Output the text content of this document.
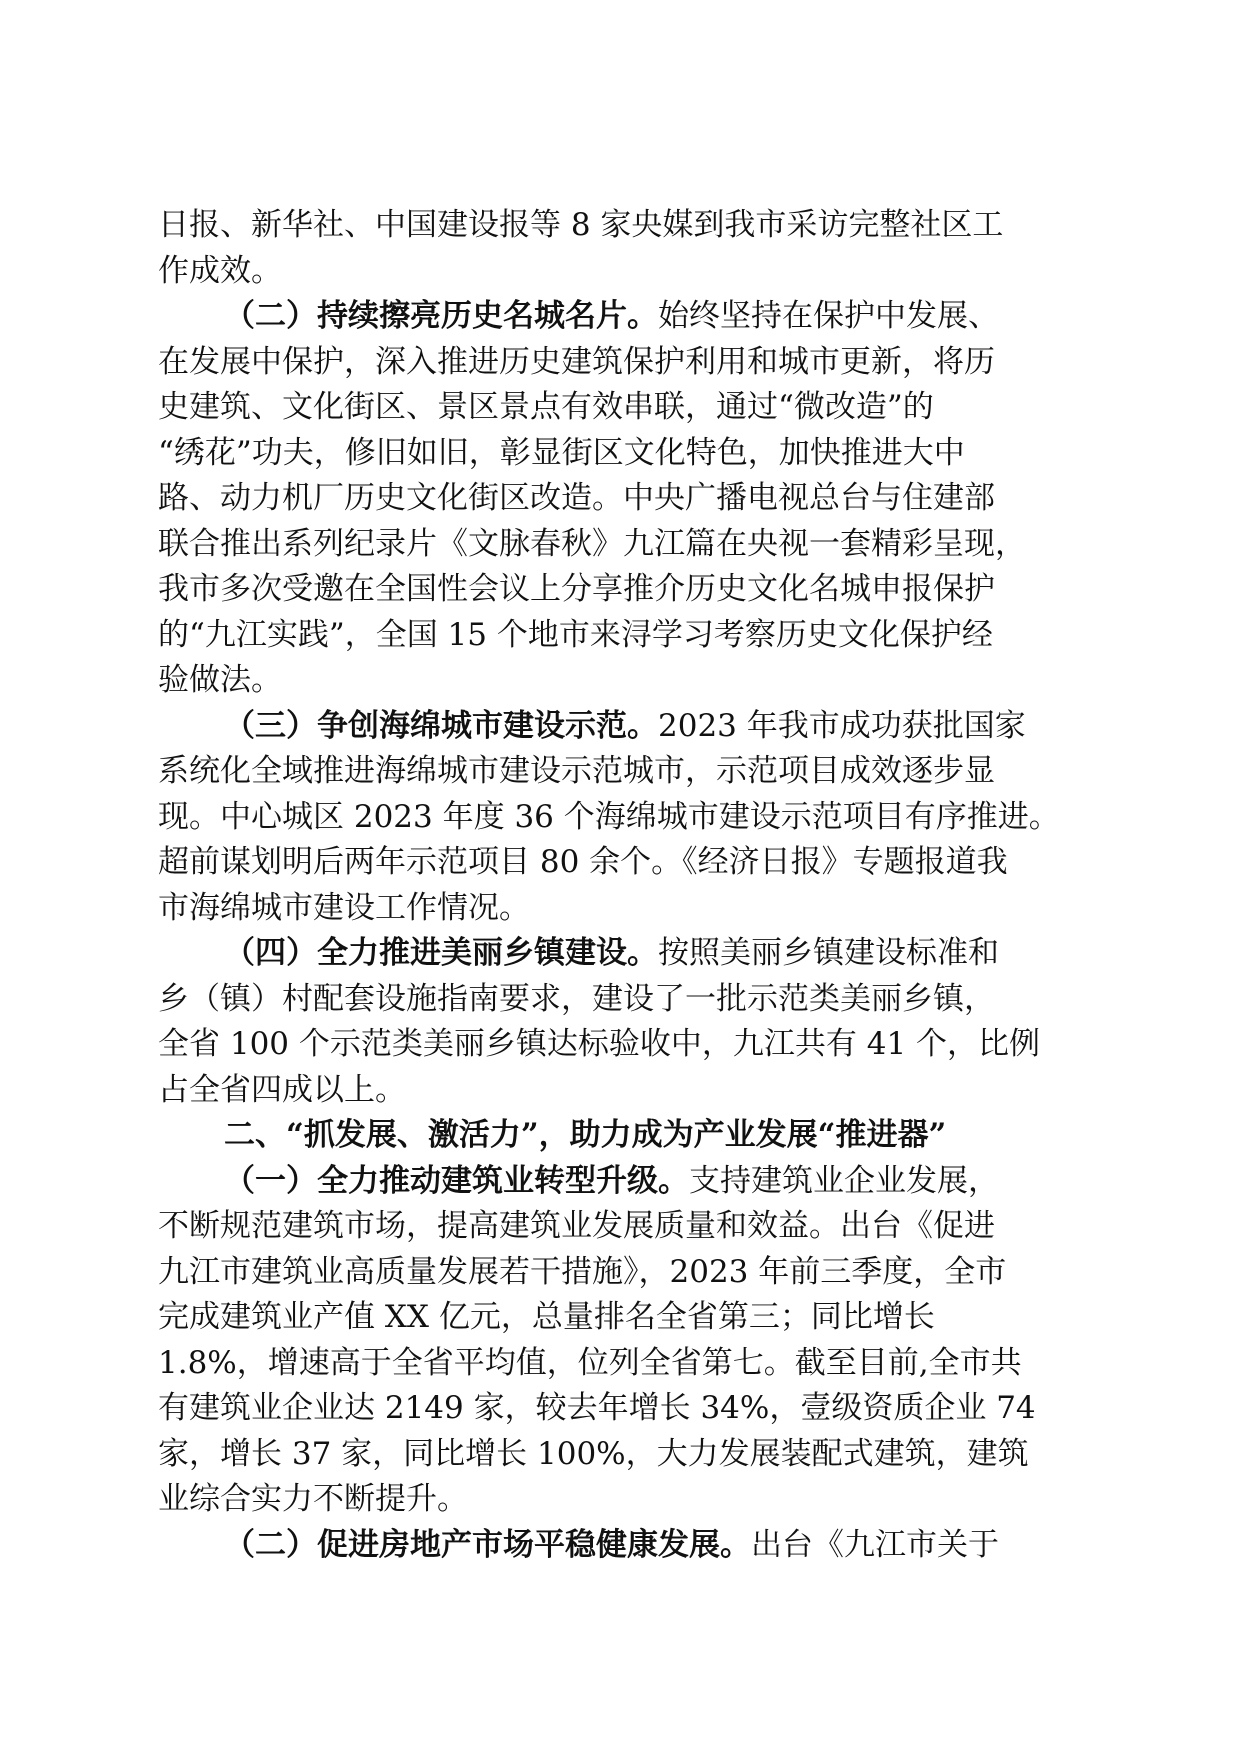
日报、新华社、中国建设报等 8 家央媒到我市采访完整社区工
作成效。
（二）持续擦亮历史名城名片。始终坚持在保护中发展、
在发展中保护，深入推进历史建筑保护利用和城市更新，将历
史建筑、文化街区、景区景点有效串联，通过“微改造”的
“绣花”功夫，修旧如旧，彰显街区文化特色，加快推进大中
路、动力机厂历史文化街区改造。中央广播电视总台与住建部
联合推出系列纪录片《文脉春秋》九江篇在央视一套精彩呈现，
我市多次受邀在全国性会议上分享推介历史文化名城申报保护
的“九江实践”，全国 15 个地市来浔学习考察历史文化保护经
验做法。
（三）争创海绵城市建设示范。2023 年我市成功获批国家
系统化全域推进海绵城市建设示范城市，示范项目成效逐步显
现。中心城区 2023 年度 36 个海绵城市建设示范项目有序推进。
超前谋划明后两年示范项目 80 余个。《经济日报》专题报道我
市海绵城市建设工作情况。
（四）全力推进美丽乡镇建设。按照美丽乡镇建设标准和
乡（镇）村配套设施指南要求，建设了一批示范类美丽乡镇，
全省 100 个示范类美丽乡镇达标验收中，九江共有 41 个，比例
占全省四成以上。
二、“抓发展、激活力”，助力成为产业发展“推进器”
（一）全力推动建筑业转型升级。支持建筑业企业发展，
不断规范建筑市场，提高建筑业发展质量和效益。出台《促进
九江市建筑业高质量发展若干措施》，2023 年前三季度，全市
完成建筑业产值 XX 亿元，总量排名全省第三；同比增长
1.8%，增速高于全省平均值，位列全省第七。截至目前,全市共
有建筑业企业达 2149 家，较去年增长 34%，壹级资质企业 74
家，增长 37 家，同比增长 100%，大力发展装配式建筑，建筑
业综合实力不断提升。
（二）促进房地产市场平稳健康发展。出台《九江市关于
